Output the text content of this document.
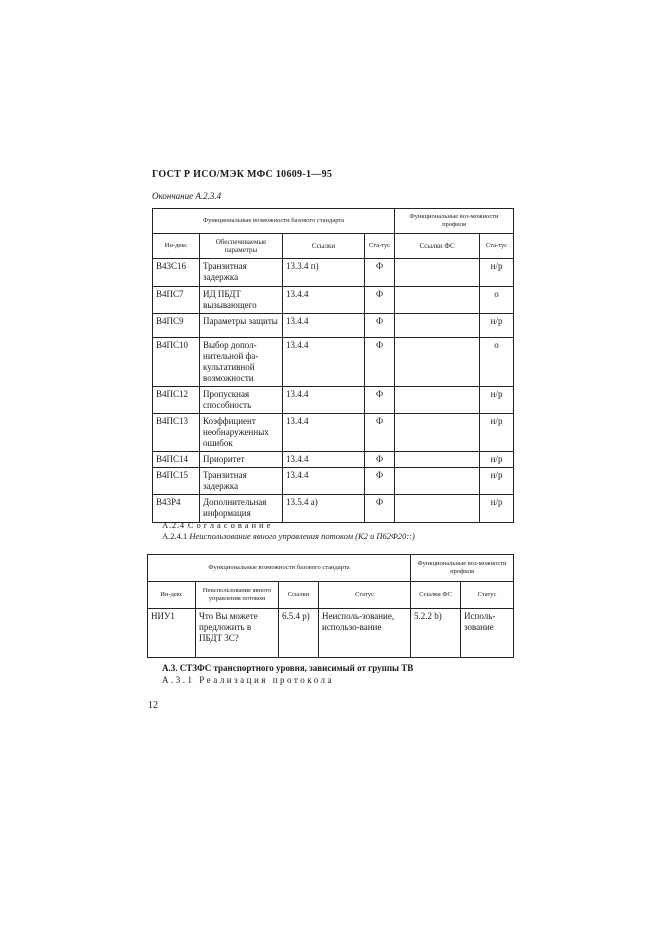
ГОСТ Р ИСО/МЭК МФС 10609-1—95
Окончание А.2.3.4
Функциональные возможности базового стандарта				Функциональные воз-можности профиля	
Ин-декс	Обеспечиваемые параметры	Ссылки	Ста-тус	Ссылки ФС	Ста-тус
В43С16	Транзитная задержка	13.3.4 п)	Ф		н/р
В4ПС7	ИД ПБДТ вызывающего	13.4.4	Ф		о
В4ПС9	Параметры защиты	13.4.4	Ф		н/р
В4ПС10	Выбор допол-нительной фа-культативной возможности	13.4.4	Ф		о
В4ПС12	Пропускная способность	13.4.4	Ф		н/р
В4ПС13	Коэффициент необнаруженных ошибок	13.4.4	Ф		н/р
В4ПС14	Приоритет	13.4.4	Ф		н/р
В4ПС15	Транзитная задержка	13.4.4	Ф		н/р
В43Р4	Дополнительная информация	13.5.4 а)	Ф		н/р
А.2.4 Согласование
А.2.4.1 Неиспользование явного управления потоком (К2 и П62Ф20::)
Функциональные возможности базового стандарта				Функциональные воз-можности профиля	
Ин-декс	Неиспользование явного управления потоком	Ссылки	Статус	Ссылки ФС	Статус
НИУ1	Что Вы можете предложить в ПБДТ 3С?	6.5.4 р)	Неисполь-зование, использо-вание	5.2.2 b)	Исполь-зование
А.3. СТЗФС транспортного уровня, зависимый от группы ТВ
А.3.1 Реализация протокола
12
